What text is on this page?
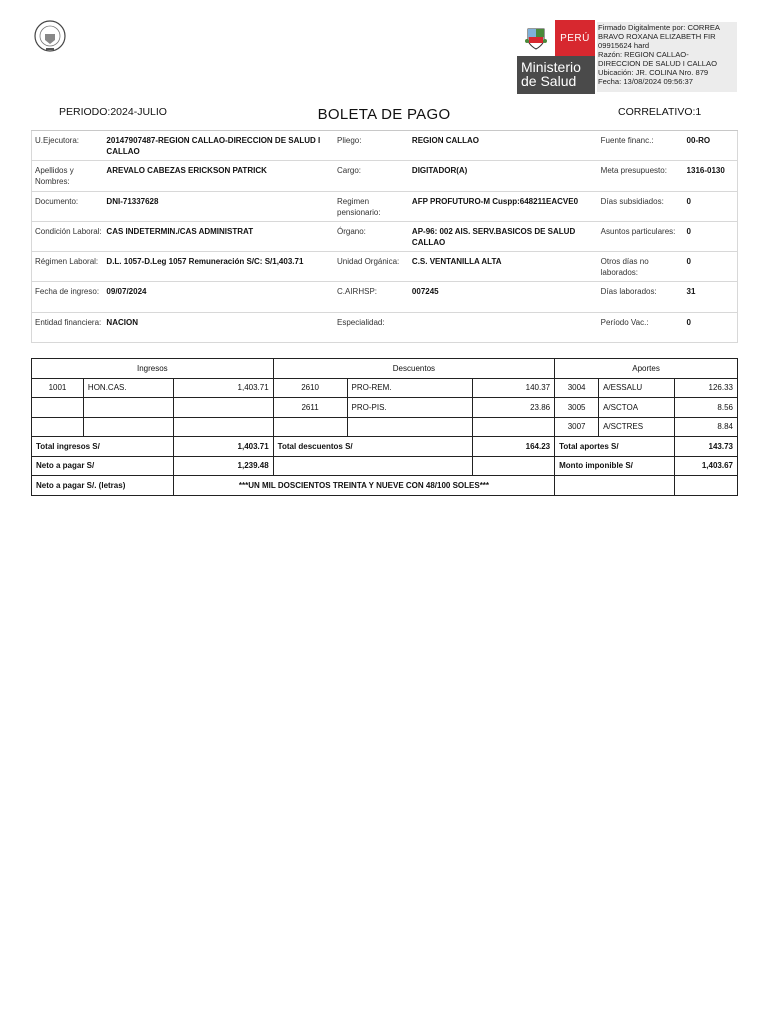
PERÚ
Ministerio
de Salud
Firmado Digitalmente por: CORREA
BRAVO ROXANA ELIZABETH FIR
09915624 hard
Razón: REGION CALLAO-
DIRECCION DE SALUD I CALLAO
Ubicación: JR. COLINA Nro. 879
Fecha: 13/08/2024 09:56:37
PERIODO:2024-JULIO	BOLETA DE PAGO	CORRELATIVO:1
U.Ejecutora:	20147907487-REGION CALLAO-DIRECCION DE SALUD I CALLAO	Pliego:	REGION CALLAO	Fuente financ.:	00-RO
Apellidos y Nombres:	AREVALO CABEZAS ERICKSON PATRICK	Cargo:	DIGITADOR(A)	Meta presupuesto:	1316-0130
Documento:	DNI-71337628	Regimen pensionario:	AFP PROFUTURO-M Cuspp:648211EACVE0	Días subsidiados:	0
Condición Laboral:	CAS INDETERMIN./CAS ADMINISTRAT	Órgano:	AP-96: 002 AIS. SERV.BASICOS DE SALUD CALLAO	Asuntos particulares:	0
Régimen Laboral:	D.L. 1057-D.Leg 1057 Remuneración S/C: S/1,403.71	Unidad Orgánica:	C.S. VENTANILLA ALTA	Otros días no laborados:	0
Fecha de ingreso:	09/07/2024	C.AIRHSP:	007245	Días laborados:	31
Entidad financiera:	NACION	Especialidad:		Período Vac.:	0
Ingresos			Descuentos			Aportes		
1001	HON.CAS.	1,403.71	2610	PRO-REM.	140.37	3004	A/ESSALU	126.33
			2611	PRO-PIS.	23.86	3005	A/SCTOA	8.56
						3007	A/SCTRES	8.84
Total ingresos S/		1,403.71	Total descuentos S/		164.23	Total aportes S/		143.73
Neto a pagar S/		1,239.48				Monto imponible S/		1,403.67
Neto a pagar S/. (letras)		***UN MIL DOSCIENTOS TREINTA Y NUEVE CON 48/100 SOLES***						
